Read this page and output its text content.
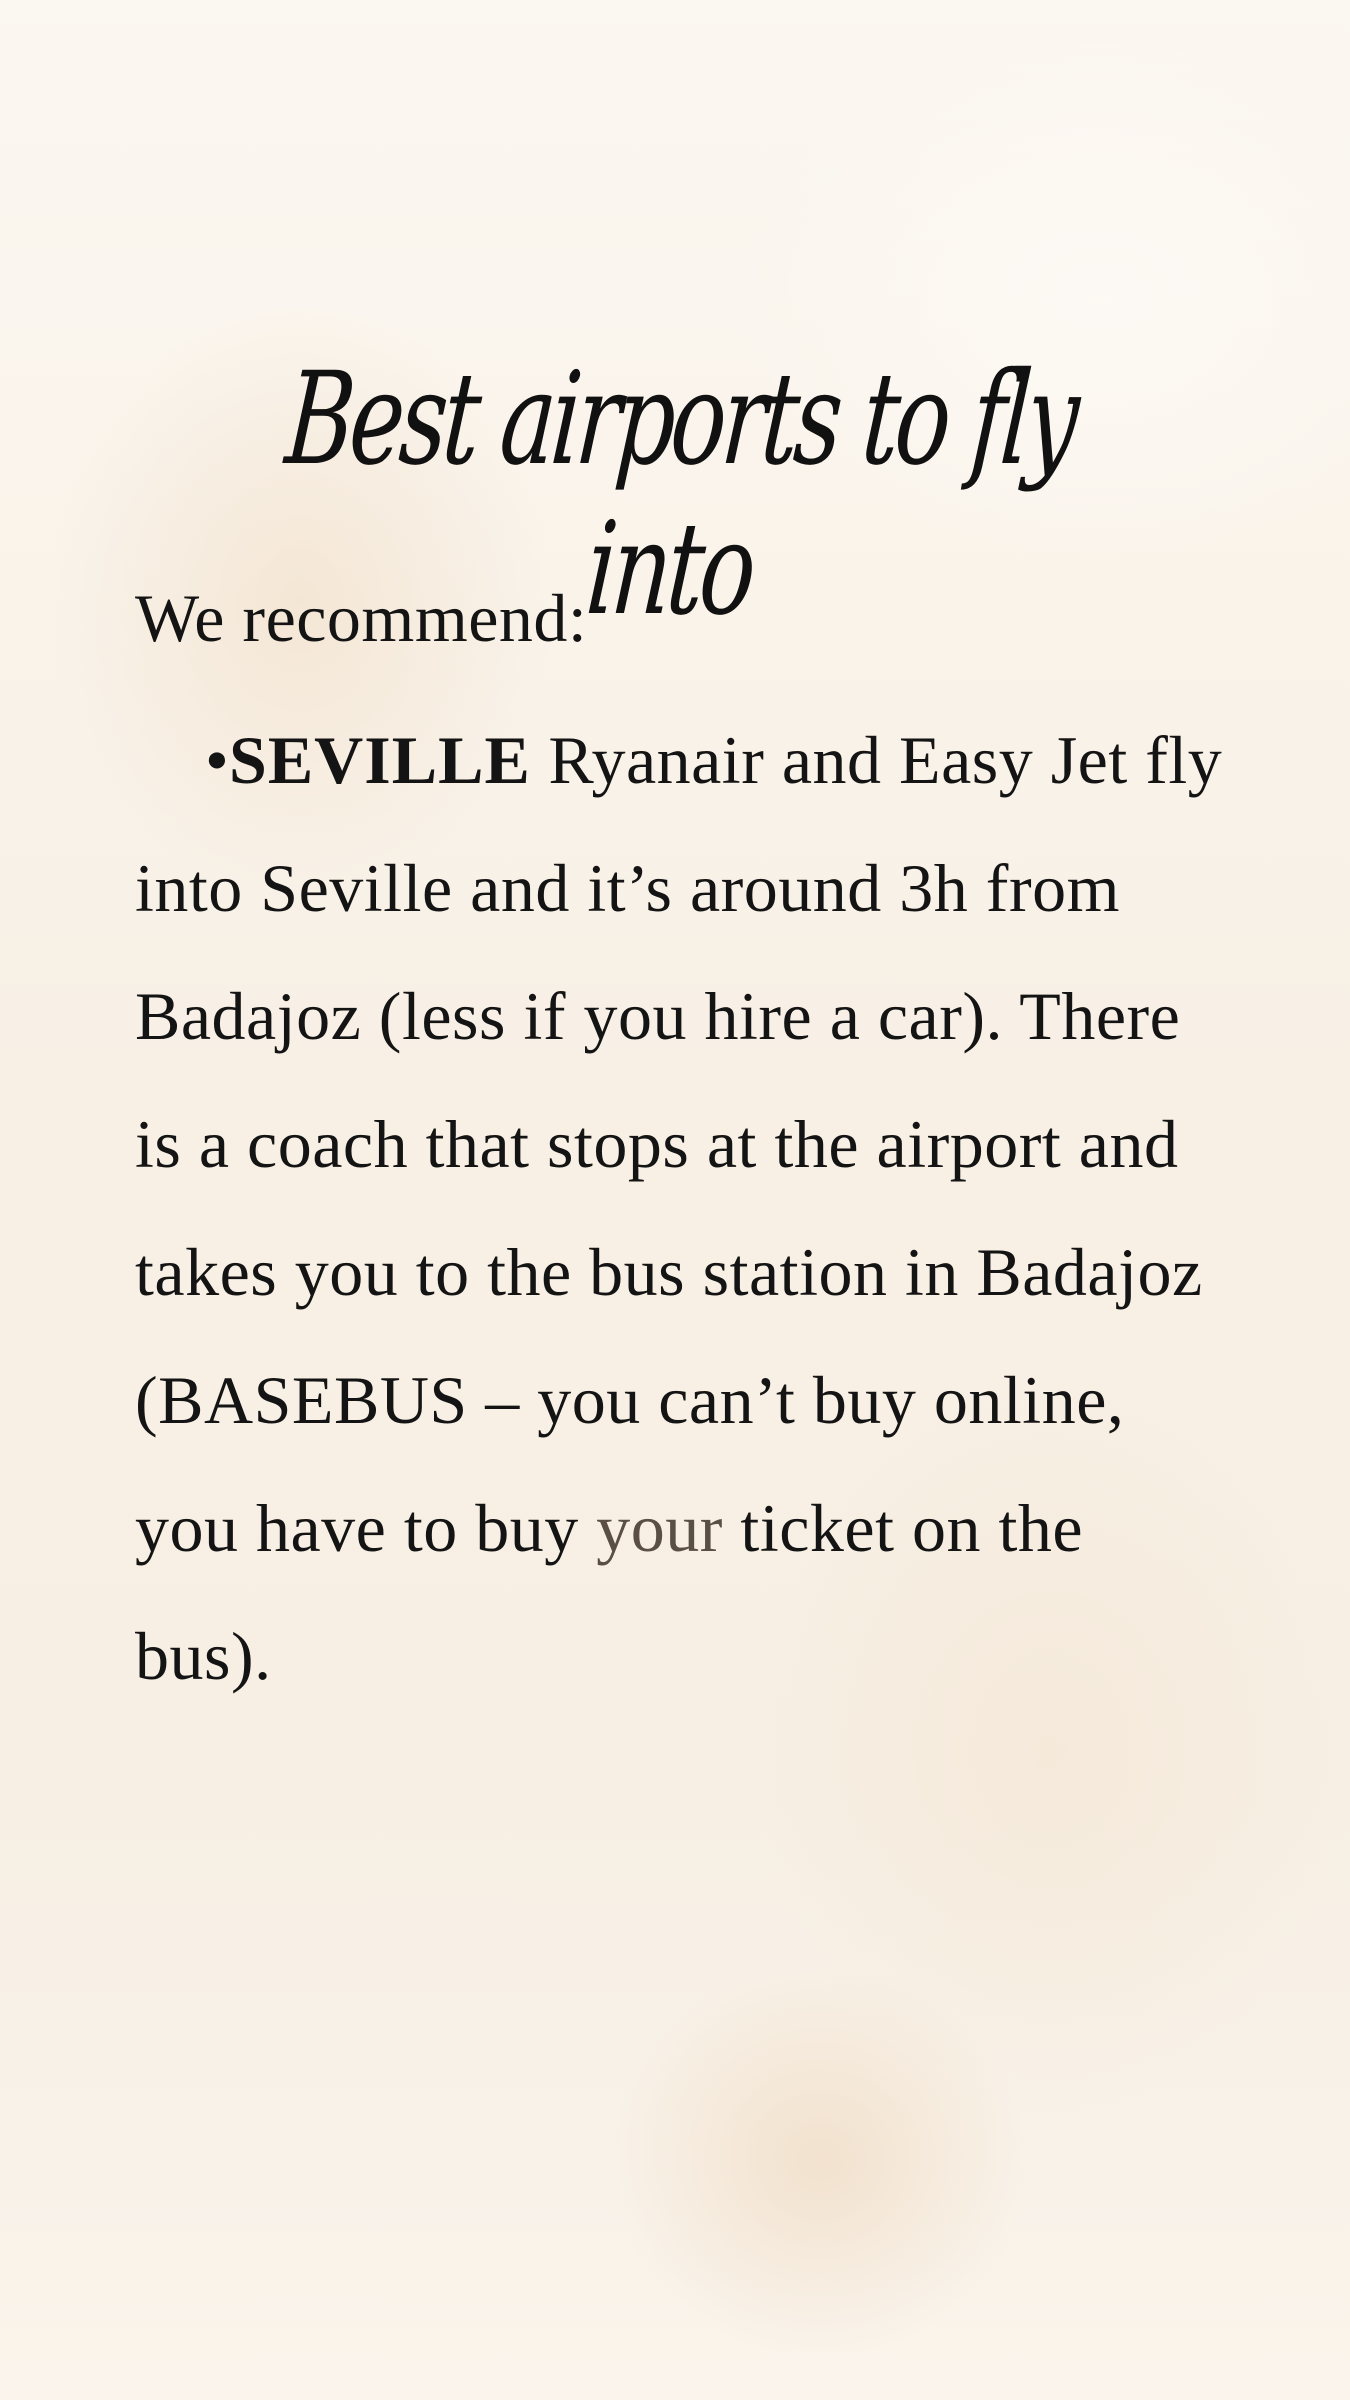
Best airports to fly into

We recommend:

•SEVILLE Ryanair and Easy Jet fly into Seville and it’s around 3h from Badajoz (less if you hire a car). There is a coach that stops at the airport and takes you to the bus station in Badajoz (BASEBUS – you can’t buy online, you have to buy your ticket on the bus).
